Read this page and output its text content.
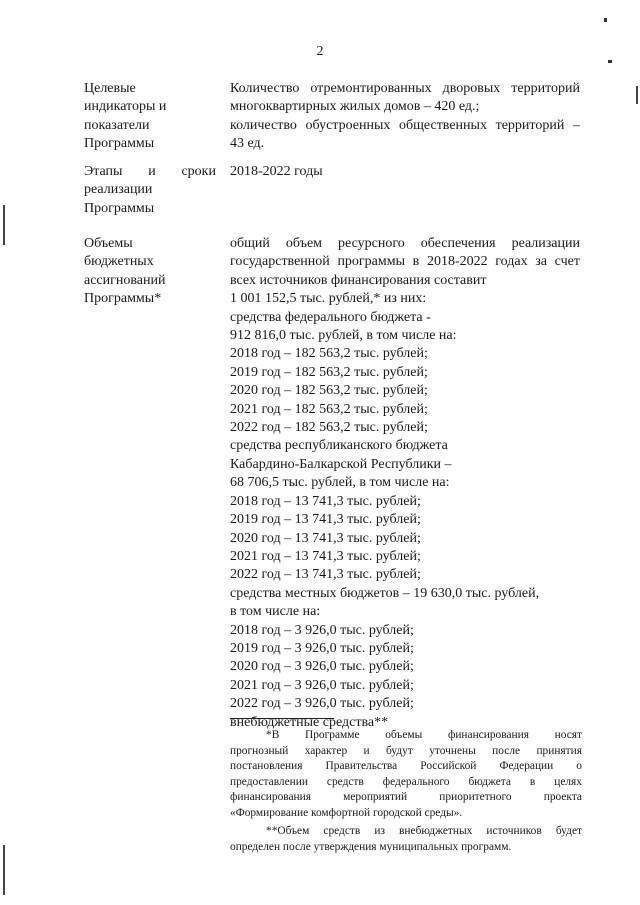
2
Целевые
индикаторы и
показатели
Программы
Количество отремонтированных дворовых территорий
многоквартирных жилых домов – 420 ед.;
количество обустроенных общественных территорий –
43 ед.
Этапы и сроки
реализации
Программы
2018-2022 годы
Объемы
бюджетных
ассигнований
Программы*
общий объем ресурсного обеспечения реализации
государственной программы в 2018-2022 годах за счет
всех источников финансирования составит
1 001 152,5 тыс. рублей,* из них:
средства федерального бюджета -
912 816,0 тыс. рублей, в том числе на:
2018 год – 182 563,2 тыс. рублей;
2019 год – 182 563,2 тыс. рублей;
2020 год – 182 563,2 тыс. рублей;
2021 год – 182 563,2 тыс. рублей;
2022 год – 182 563,2 тыс. рублей;
средства республиканского бюджета
Кабардино-Балкарской Республики –
68 706,5 тыс. рублей, в том числе на:
2018 год – 13 741,3 тыс. рублей;
2019 год – 13 741,3 тыс. рублей;
2020 год – 13 741,3 тыс. рублей;
2021 год – 13 741,3 тыс. рублей;
2022 год – 13 741,3 тыс. рублей;
средства местных бюджетов – 19 630,0 тыс. рублей,
в том числе на:
2018 год – 3 926,0 тыс. рублей;
2019 год – 3 926,0 тыс. рублей;
2020 год – 3 926,0 тыс. рублей;
2021 год – 3 926,0 тыс. рублей;
2022 год – 3 926,0 тыс. рублей;
внебюджетные средства**
*В Программе объемы финансирования носят
прогнозный характер и будут уточнены после принятия
постановления Правительства Российской Федерации о
предоставлении средств федерального бюджета в целях
финансирования мероприятий приоритетного проекта
«Формирование комфортной городской среды».
**Объем средств из внебюджетных источников будет
определен после утверждения муниципальных программ.
